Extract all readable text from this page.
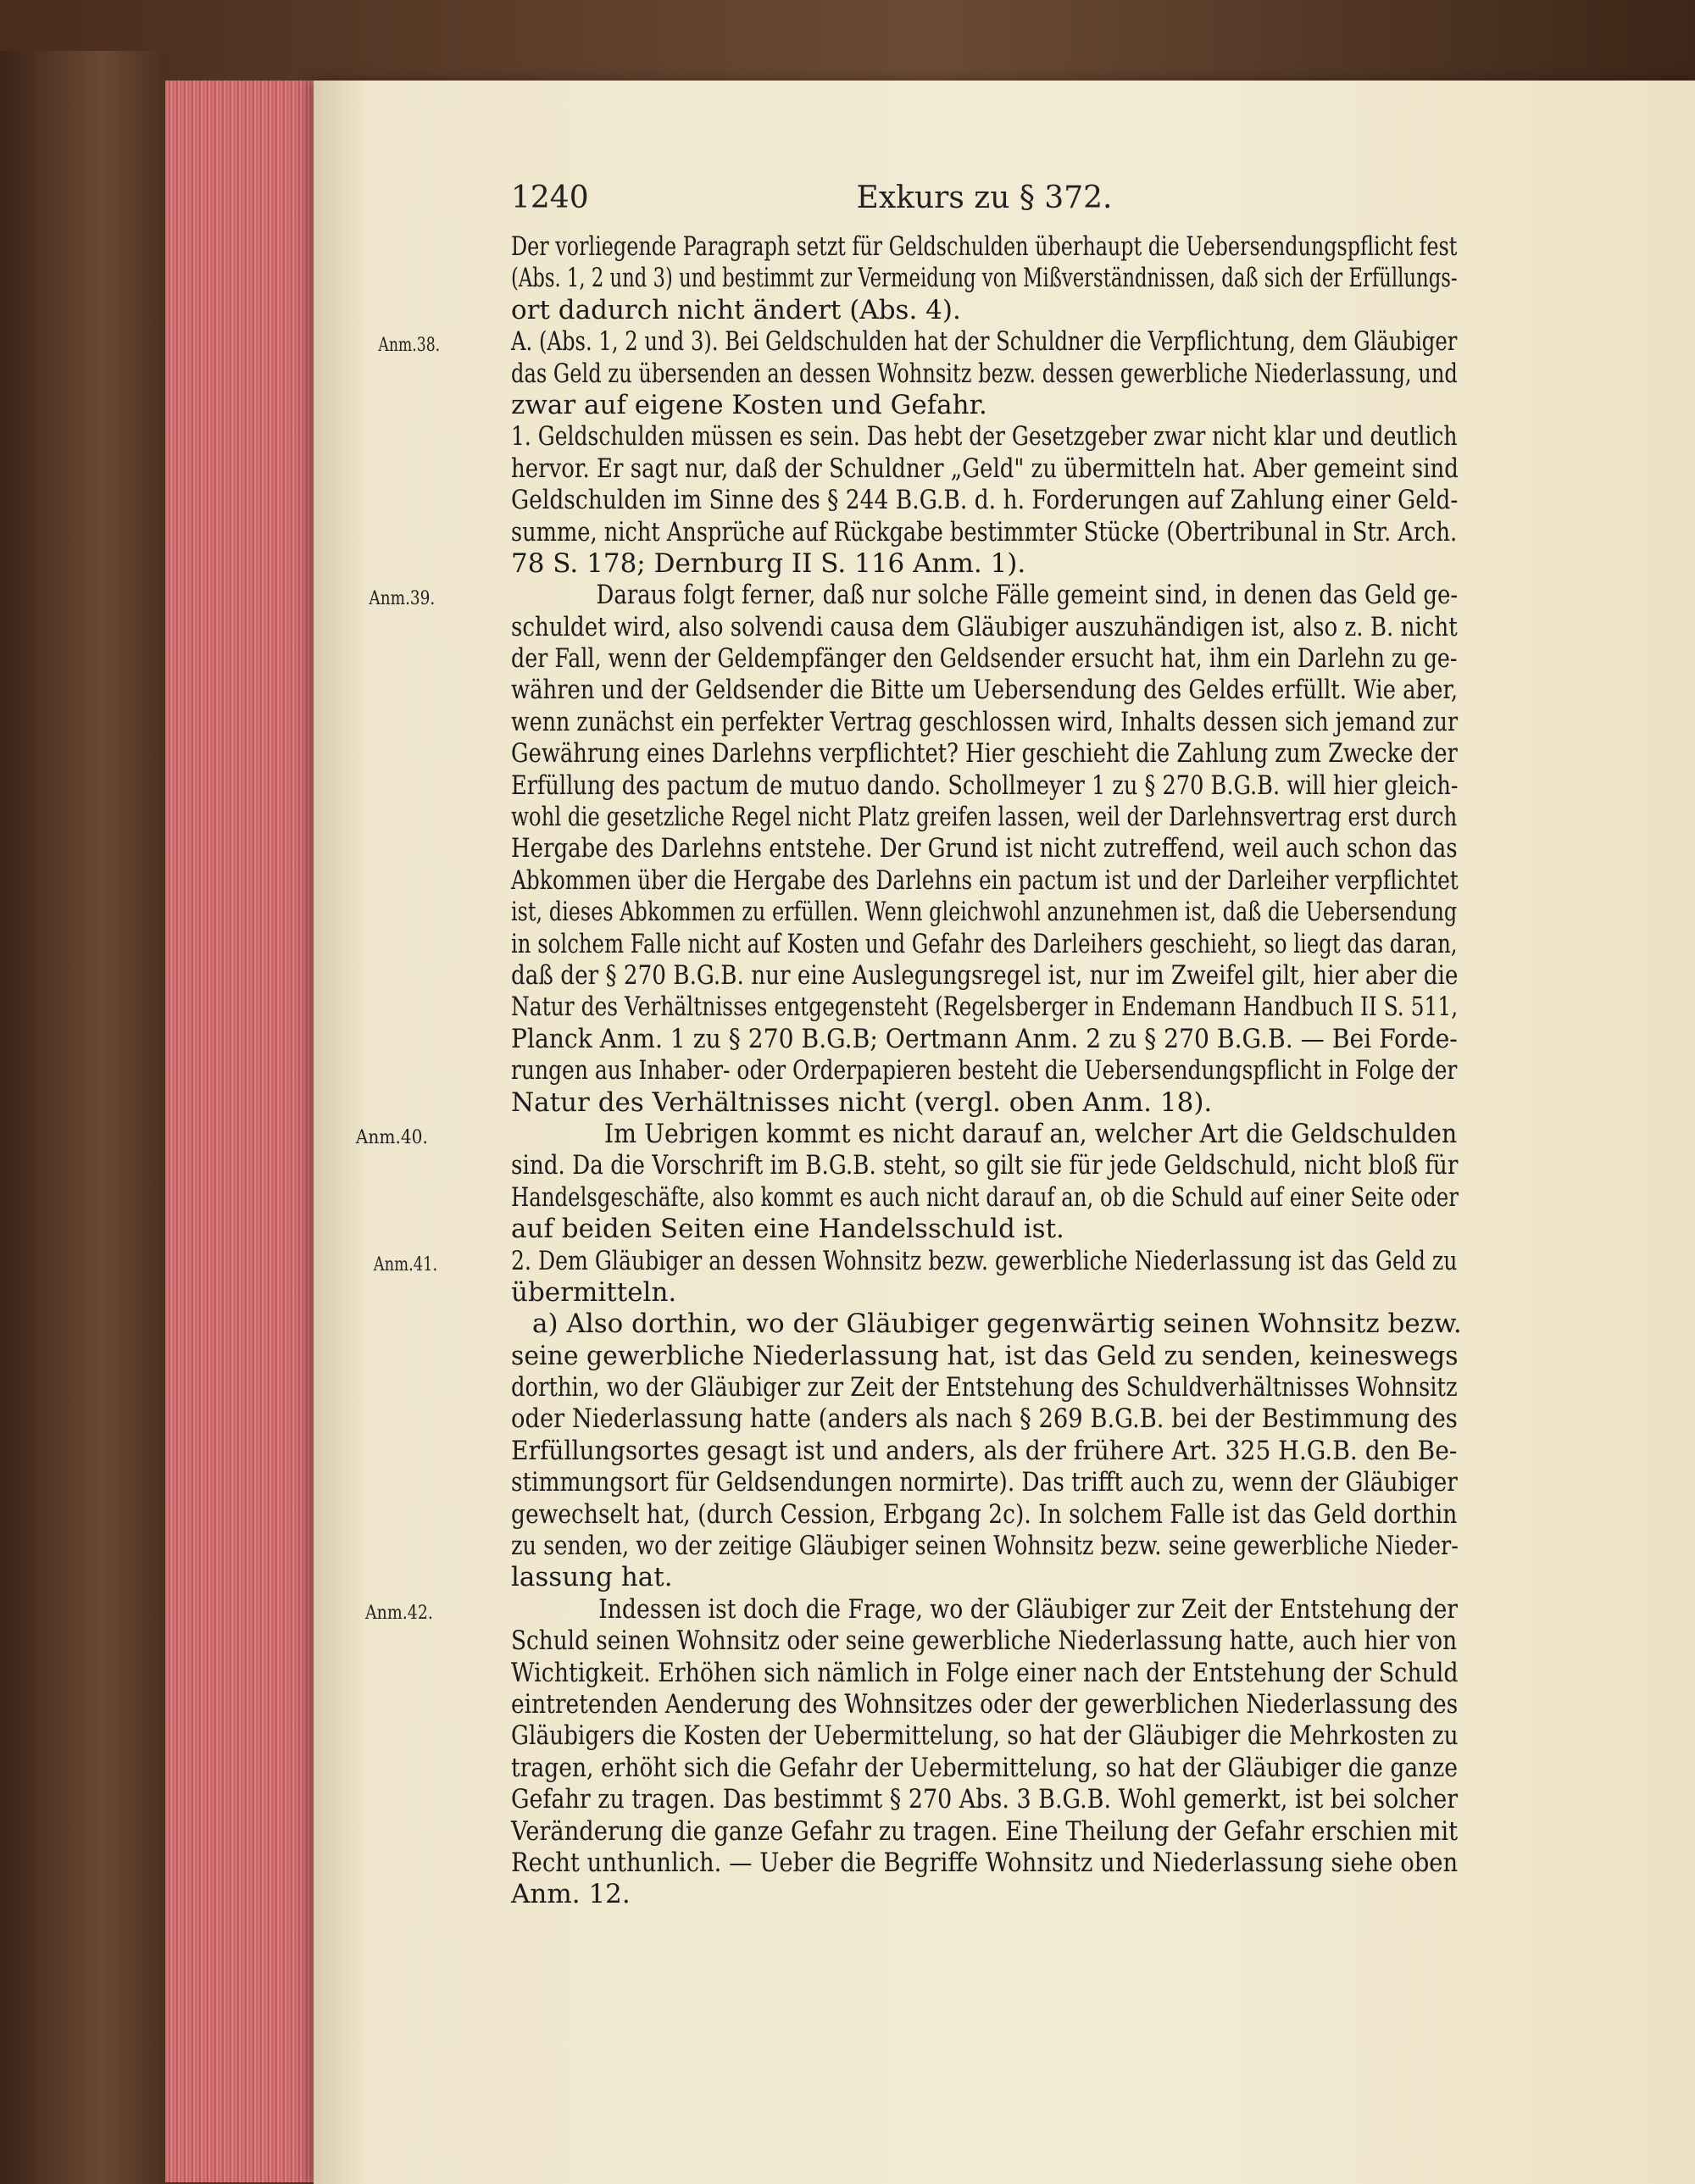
1240	Exkurs zu § 372.
Der vorliegende Paragraph setzt für Geldschulden überhaupt die Uebersendungspflicht fest
(Abs. 1, 2 und 3) und bestimmt zur Vermeidung von Mißverständnissen, daß sich der Erfüllungs-
ort dadurch nicht ändert (Abs. 4).
A. (Abs. 1, 2 und 3). Bei Geldschulden hat der Schuldner die Verpflichtung, dem Gläubiger
Anm.38.
das Geld zu übersenden an dessen Wohnsitz bezw. dessen gewerbliche Niederlassung, und
zwar auf eigene Kosten und Gefahr.
1. Geldschulden müssen es sein. Das hebt der Gesetzgeber zwar nicht klar und deutlich
hervor. Er sagt nur, daß der Schuldner „Geld" zu übermitteln hat. Aber gemeint sind
Geldschulden im Sinne des § 244 B.G.B. d. h. Forderungen auf Zahlung einer Geld-
summe, nicht Ansprüche auf Rückgabe bestimmter Stücke (Obertribunal in Str. Arch.
78 S. 178; Dernburg II S. 116 Anm. 1).
Daraus folgt ferner, daß nur solche Fälle gemeint sind, in denen das Geld ge-
Anm.39.
schuldet wird, also solvendi causa dem Gläubiger auszuhändigen ist, also z. B. nicht
der Fall, wenn der Geldempfänger den Geldsender ersucht hat, ihm ein Darlehn zu ge-
währen und der Geldsender die Bitte um Uebersendung des Geldes erfüllt. Wie aber,
wenn zunächst ein perfekter Vertrag geschlossen wird, Inhalts dessen sich jemand zur
Gewährung eines Darlehns verpflichtet? Hier geschieht die Zahlung zum Zwecke der
Erfüllung des pactum de mutuo dando. Schollmeyer 1 zu § 270 B.G.B. will hier gleich-
wohl die gesetzliche Regel nicht Platz greifen lassen, weil der Darlehnsvertrag erst durch
Hergabe des Darlehns entstehe. Der Grund ist nicht zutreffend, weil auch schon das
Abkommen über die Hergabe des Darlehns ein pactum ist und der Darleiher verpflichtet
ist, dieses Abkommen zu erfüllen. Wenn gleichwohl anzunehmen ist, daß die Uebersendung
in solchem Falle nicht auf Kosten und Gefahr des Darleihers geschieht, so liegt das daran,
daß der § 270 B.G.B. nur eine Auslegungsregel ist, nur im Zweifel gilt, hier aber die
Natur des Verhältnisses entgegensteht (Regelsberger in Endemann Handbuch II S. 511,
Planck Anm. 1 zu § 270 B.G.B; Oertmann Anm. 2 zu § 270 B.G.B. — Bei Forde-
rungen aus Inhaber- oder Orderpapieren besteht die Uebersendungspflicht in Folge der
Natur des Verhältnisses nicht (vergl. oben Anm. 18).
Im Uebrigen kommt es nicht darauf an, welcher Art die Geldschulden
Anm.40.
sind. Da die Vorschrift im B.G.B. steht, so gilt sie für jede Geldschuld, nicht bloß für
Handelsgeschäfte, also kommt es auch nicht darauf an, ob die Schuld auf einer Seite oder
auf beiden Seiten eine Handelsschuld ist.
2. Dem Gläubiger an dessen Wohnsitz bezw. gewerbliche Niederlassung ist das Geld zu
Anm.41.
übermitteln.
a) Also dorthin, wo der Gläubiger gegenwärtig seinen Wohnsitz bezw.
seine gewerbliche Niederlassung hat, ist das Geld zu senden, keineswegs
dorthin, wo der Gläubiger zur Zeit der Entstehung des Schuldverhältnisses Wohnsitz
oder Niederlassung hatte (anders als nach § 269 B.G.B. bei der Bestimmung des
Erfüllungsortes gesagt ist und anders, als der frühere Art. 325 H.G.B. den Be-
stimmungsort für Geldsendungen normirte). Das trifft auch zu, wenn der Gläubiger
gewechselt hat, (durch Cession, Erbgang 2c). In solchem Falle ist das Geld dorthin
zu senden, wo der zeitige Gläubiger seinen Wohnsitz bezw. seine gewerbliche Nieder-
lassung hat.
Indessen ist doch die Frage, wo der Gläubiger zur Zeit der Entstehung der
Anm.42.
Schuld seinen Wohnsitz oder seine gewerbliche Niederlassung hatte, auch hier von
Wichtigkeit. Erhöhen sich nämlich in Folge einer nach der Entstehung der Schuld
eintretenden Aenderung des Wohnsitzes oder der gewerblichen Niederlassung des
Gläubigers die Kosten der Uebermittelung, so hat der Gläubiger die Mehrkosten zu
tragen, erhöht sich die Gefahr der Uebermittelung, so hat der Gläubiger die ganze
Gefahr zu tragen. Das bestimmt § 270 Abs. 3 B.G.B. Wohl gemerkt, ist bei solcher
Veränderung die ganze Gefahr zu tragen. Eine Theilung der Gefahr erschien mit
Recht unthunlich. — Ueber die Begriffe Wohnsitz und Niederlassung siehe oben
Anm. 12.
